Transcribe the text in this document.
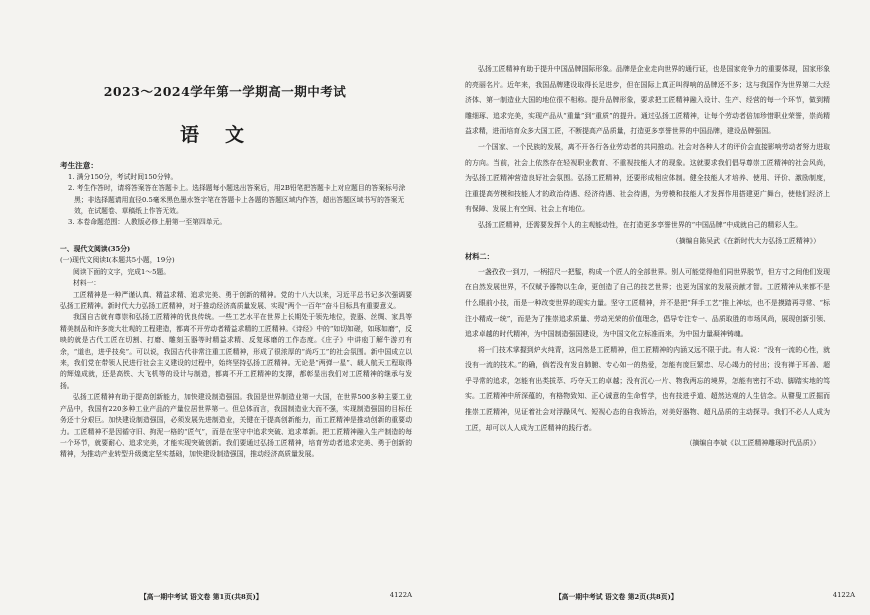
2023～2024学年第一学期高一期中考试
语文
考生注意：
1. 满分150分，考试时间150分钟。
2. 考生作答时，请将答案答在答题卡上。选择题每小题选出答案后，用2B铅笔把答题卡上对应题目的答案标号涂黑；非选择题请用直径0.5毫米黑色墨水签字笔在答题卡上各题的答题区域内作答，超出答题区域书写的答案无效，在试题卷、草稿纸上作答无效。
3. 本卷命题范围：人教版必修上册第一至第四单元。
一、现代文阅读(35分)
(一)现代文阅读Ⅰ(本题共5小题，19分)
阅读下面的文字，完成1～5题。
材料一：

工匠精神是一种严谨认真、精益求精、追求完美、勇于创新的精神。党的十八大以来，习近平总书记多次强调要弘扬工匠精神。新时代大力弘扬工匠精神，对于推动经济高质量发展、实现“两个一百年”奋斗目标具有重要意义。

我国自古就有尊崇和弘扬工匠精神的优良传统。一些工艺水平在世界上长期处于领先地位，瓷器、丝绸、家具等精美制品和许多庞大壮观的工程建造，都离不开劳动者精益求精的工匠精神。《诗经》中的“如切如磋，如琢如磨”，反映的就是古代工匠在切割、打磨、雕刻玉器等时精益求精、反复琢磨的工作态度。《庄子》中讲庖丁解牛游刃有余，“道也，进乎技矣”。可以说，我国古代非常注重工匠精神，形成了很浓厚的“尚巧工”的社会氛围。新中国成立以来，我们党在带领人民进行社会主义建设的过程中，始终坚持弘扬工匠精神。无论是“两弹一星”、载人航天工程取得的辉煌成就，还是高铁、大飞机等的设计与制造，都离不开工匠精神的支撑，都彰显出我们对工匠精神的继承与发扬。

弘扬工匠精神有助于提高创新能力，加快建设制造强国。我国是世界制造业第一大国，在世界500多种主要工业产品中，我国有220多种工业产品的产量位居世界第一。但总体而言，我国制造业大而不强，实现制造强国的目标任务还十分艰巨。加快建设制造强国，必须发展先进制造业，关键在于提高创新能力，而工匠精神是推动创新的重要动力。工匠精神不是因循守旧、拘泥一格的“匠气”，而是在坚守中追求突破、追求革新。把工匠精神融入生产制造的每一个环节，就要耐心、追求完美，才能实现突破创新。我们要通过弘扬工匠精神，培育劳动者追求完美、勇于创新的精神，为推动产业转型升级奠定坚实基础，加快建设制造强国，推动经济高质量发展。

【高一期中考试 语文卷 第1页(共8页)】	4122A

弘扬工匠精神有助于提升中国品牌国际形象。品牌是企业走向世界的通行证，也是国家竞争力的重要体现，国家形象的亮丽名片。近年来，我国品牌建设取得长足进步，但在国际上真正叫得响的品牌还不多；这与我国作为世界第二大经济体、第一制造业大国的地位很不相称。提升品牌形象，要求把工匠精神融入设计、生产、经营的每一个环节，做到精雕细琢、追求完美，实现产品从“重量”到“重质”的提升。通过弘扬工匠精神，让每个劳动者倍加珍惜职业荣誉，崇尚精益求精，进而培育众多大国工匠，不断提高产品质量，打造更多享誉世界的中国品牌，建设品牌强国。

一个国家、一个民族的发展，离不开各行各业劳动者的共同推动。社会对各种人才的评价会直接影响劳动者努力进取的方向。当前，社会上依然存在轻视职业教育、不重视技能人才的现象。这就要求我们倡导尊崇工匠精神的社会风尚，为弘扬工匠精神营造良好社会氛围。弘扬工匠精神，还要形成相应体制。健全技能人才培养、使用、评价、激励制度，注重提高劳模和技能人才的政治待遇、经济待遇、社会待遇，为劳模和技能人才发挥作用搭建更广舞台，使他们经济上有保障、发展上有空间、社会上有地位。

弘扬工匠精神，还需要发挥个人的主观能动性，在打造更多享誉世界的“中国品牌”中成就自己的精彩人生。

（摘编自陈吴武《在新时代大力弘扬工匠精神》）
材料二：

一盏孜孜一到刀，一柄招尺一把錾，构成一个匠人的全部世界。别人可能觉得他们同世界脱节，但方寸之间他们发现在自然发展世界，不仅赋予器物以生命，更创造了自己的技艺世界；也更为国家的发展贡献才智。工匠精神从来都不是什么眼前小技，而是一种改变世界的现实力量。坚守工匠精神，并不是把“拜手工艺”推上神坛，也不是摸踏再寻常、“标注小精成一统”，而是为了推崇追求质量、劳动光荣的价值理念，倡导专注专一、品质取胜的市场风尚，展现创新引领、追求卓越的时代精神，为中国制造强国建设，为中国文化立标准而来，为中国力量凝神铸魂。

将一门技术掌握到炉火纯青，这同然是工匠精神，但工匠精神的内涵又远不限于此。有人说：“没有一流的心性，就没有一流的技术。”的确，倘若没有发自肺腑、专心如一的热爱，怎能有庞巨繁忠、尽心竭力的付出；没有禅于耳善、超乎寻常的追求，怎能有出类拔萃、巧夺天工的卓越；没有沉心一片、物我两忘的境界，怎能有密打不动、脚踏实地的笃实。工匠精神中所深蕴的，有格物致知、正心诚意的生命哲学，也有技进乎道、超然达观的人生信念。从瞽叟工匠掘而推崇工匠精神，见证着社会对浮躁风气、短视心态的自我矫治，对美好器物、超凡品质的主动探寻。我们不必人人成为工匠，却可以人人成为工匠精神的践行者。

（摘编自李斌《以工匠精神雕琢时代品质》）
【高一期中考试 语文卷 第2页(共8页)】	4122A
